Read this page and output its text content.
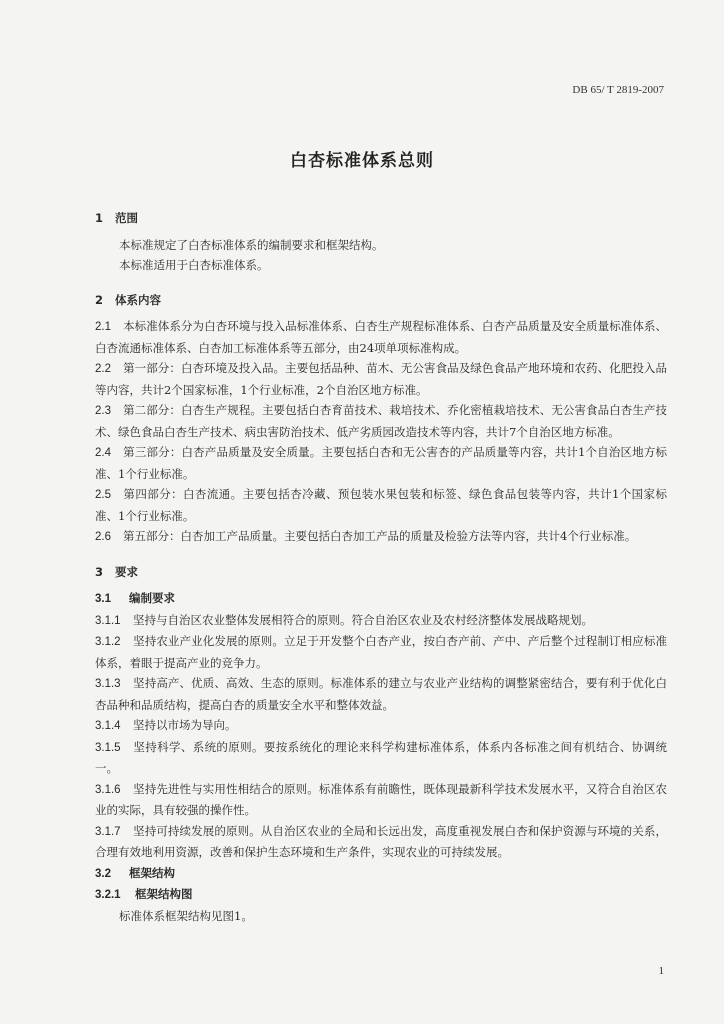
DB 65/ T 2819-2007
白杏标准体系总则
1 范围

本标准规定了白杏标准体系的编制要求和框架结构。

本标准适用于白杏标准体系。

2 体系内容

2.1 本标准体系分为白杏环境与投入品标准体系、白杏生产规程标准体系、白杏产品质量及安全质量标准体系、白杏流通标准体系、白杏加工标准体系等五部分，由24项单项标准构成。

2.2 第一部分：白杏环境及投入品。主要包括品种、苗木、无公害食品及绿色食品产地环境和农药、化肥投入品等内容，共计2个国家标准，1个行业标准，2个自治区地方标准。

2.3 第二部分：白杏生产规程。主要包括白杏育苗技术、栽培技术、乔化密植栽培技术、无公害食品白杏生产技术、绿色食品白杏生产技术、病虫害防治技术、低产劣质园改造技术等内容，共计7个自治区地方标准。

2.4 第三部分：白杏产品质量及安全质量。主要包括白杏和无公害杏的产品质量等内容，共计1个自治区地方标准、1个行业标准。

2.5 第四部分：白杏流通。主要包括杏冷藏、预包装水果包装和标签、绿色食品包装等内容，共计1个国家标准、1个行业标准。

2.6 第五部分：白杏加工产品质量。主要包括白杏加工产品的质量及检验方法等内容，共计4个行业标准。

3 要求

3.1 编制要求

3.1.1 坚持与自治区农业整体发展相符合的原则。符合自治区农业及农村经济整体发展战略规划。

3.1.2 坚持农业产业化发展的原则。立足于开发整个白杏产业，按白杏产前、产中、产后整个过程制订相应标准体系，着眼于提高产业的竞争力。

3.1.3 坚持高产、优质、高效、生态的原则。标准体系的建立与农业产业结构的调整紧密结合，要有利于优化白杏品种和品质结构，提高白杏的质量安全水平和整体效益。

3.1.4 坚持以市场为导向。

3.1.5 坚持科学、系统的原则。要按系统化的理论来科学构建标准体系，体系内各标准之间有机结合、协调统一。

3.1.6 坚持先进性与实用性相结合的原则。标准体系有前瞻性，既体现最新科学技术发展水平，又符合自治区农业的实际，具有较强的操作性。

3.1.7 坚持可持续发展的原则。从自治区农业的全局和长远出发，高度重视发展白杏和保护资源与环境的关系，合理有效地利用资源，改善和保护生态环境和生产条件，实现农业的可持续发展。

3.2 框架结构

3.2.1 框架结构图

标准体系框架结构见图1。

1
